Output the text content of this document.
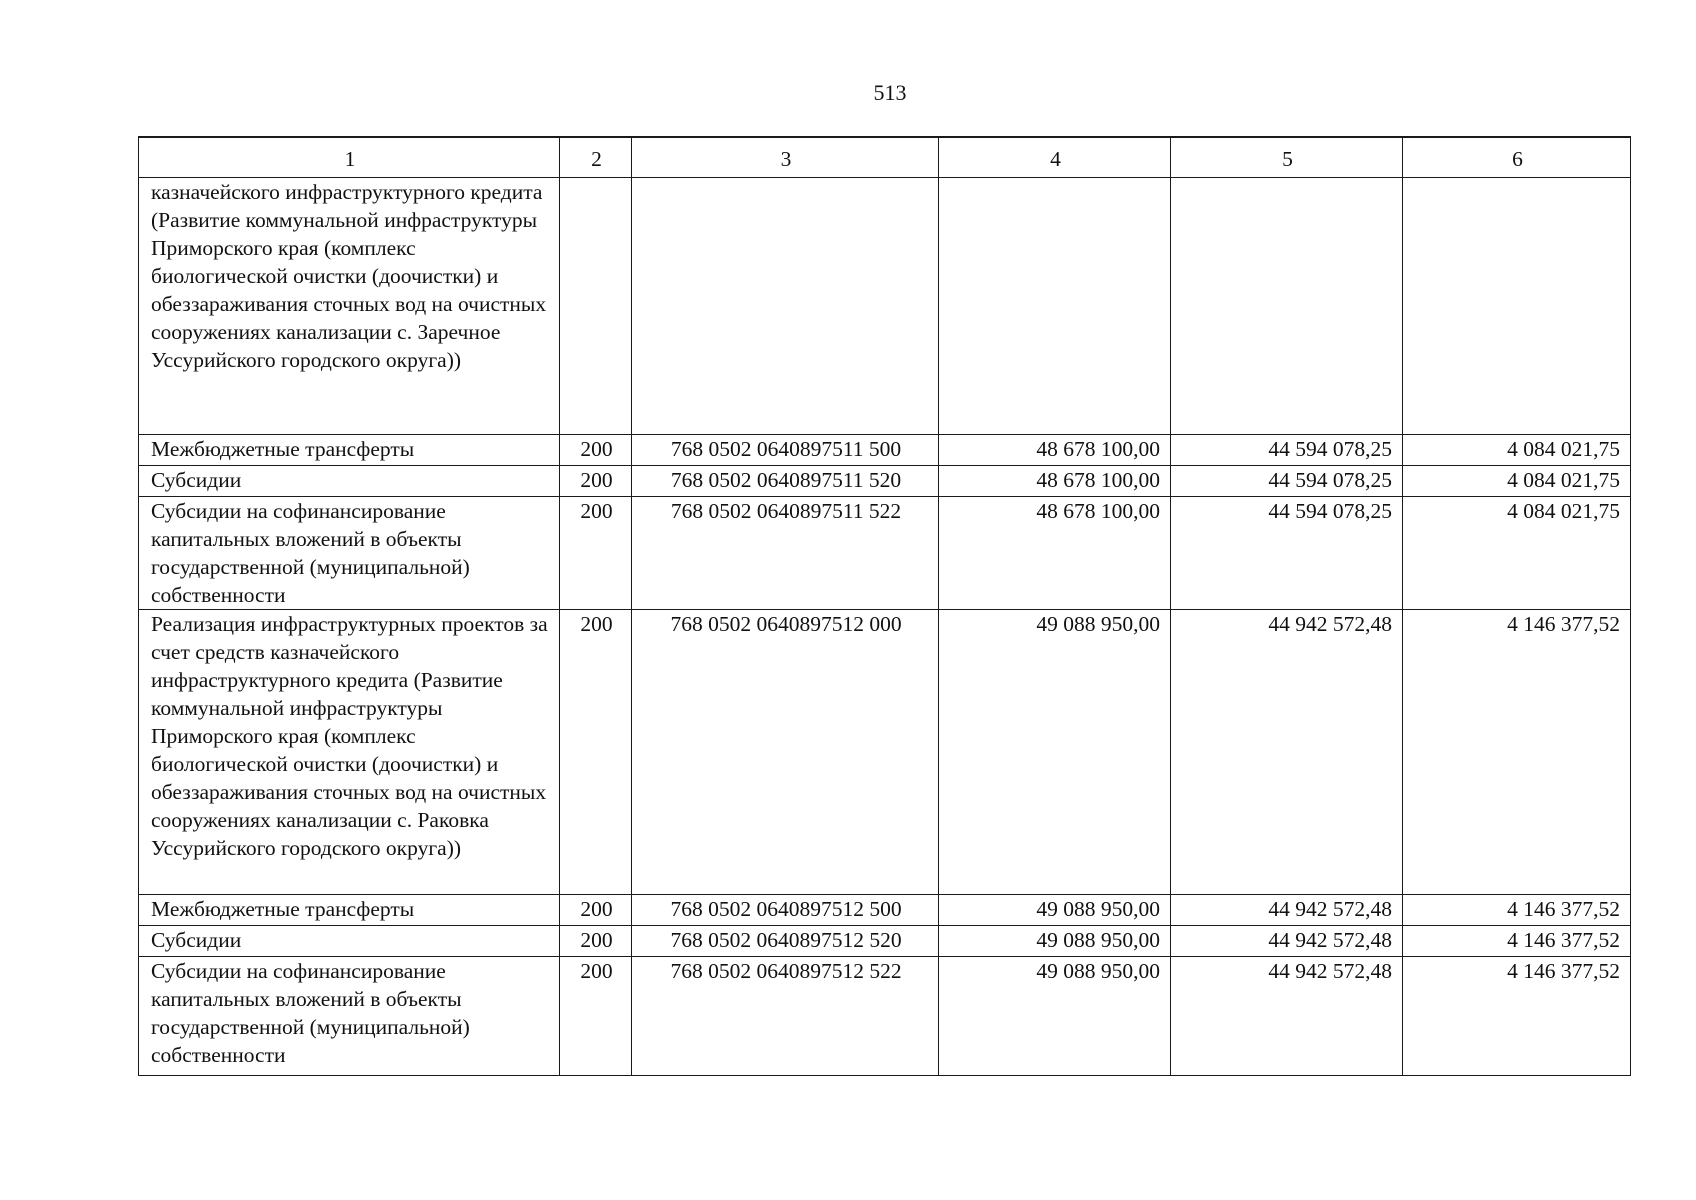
513
1	2	3	4	5	6
казначейского инфраструктурного кредита (Развитие коммунальной инфраструктуры Приморского края (комплекс биологической очистки (доочистки) и обеззараживания сточных вод на очистных сооружениях канализации с. Заречное Уссурийского городского округа))					
Межбюджетные трансферты	200	768 0502 0640897511 500	48 678 100,00	44 594 078,25	4 084 021,75
Субсидии	200	768 0502 0640897511 520	48 678 100,00	44 594 078,25	4 084 021,75
Субсидии на софинансирование капитальных вложений в объекты государственной (муниципальной) собственности	200	768 0502 0640897511 522	48 678 100,00	44 594 078,25	4 084 021,75
Реализация инфраструктурных проектов за счет средств казначейского инфраструктурного кредита (Развитие коммунальной инфраструктуры Приморского края (комплекс биологической очистки (доочистки) и обеззараживания сточных вод на очистных сооружениях канализации с. Раковка Уссурийского городского округа))	200	768 0502 0640897512 000	49 088 950,00	44 942 572,48	4 146 377,52
Межбюджетные трансферты	200	768 0502 0640897512 500	49 088 950,00	44 942 572,48	4 146 377,52
Субсидии	200	768 0502 0640897512 520	49 088 950,00	44 942 572,48	4 146 377,52
Субсидии на софинансирование капитальных вложений в объекты государственной (муниципальной) собственности	200	768 0502 0640897512 522	49 088 950,00	44 942 572,48	4 146 377,52
